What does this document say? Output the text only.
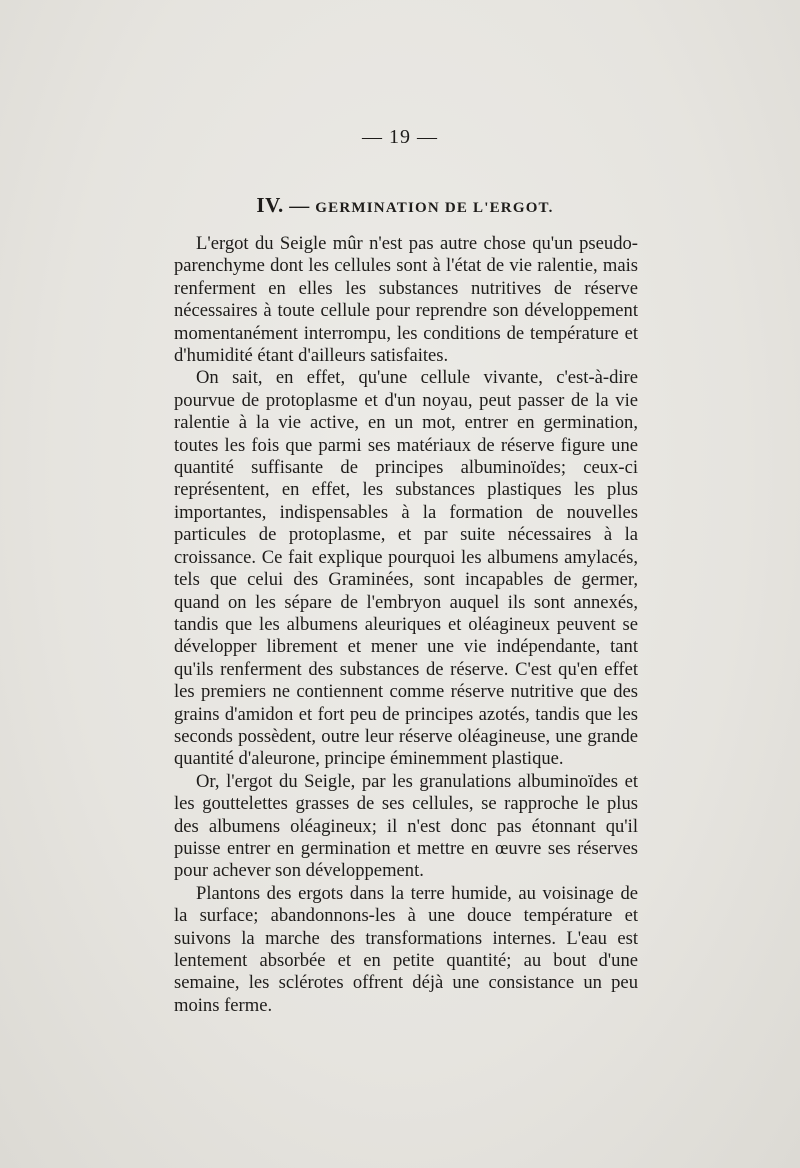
— 19 —
IV. — GERMINATION DE L'ERGOT.

L'ergot du Seigle mûr n'est pas autre chose qu'un pseudo-parenchyme dont les cellules sont à l'état de vie ralentie, mais renferment en elles les substances nutritives de réserve nécessaires à toute cellule pour reprendre son développement momentanément interrompu, les conditions de température et d'humidité étant d'ailleurs satisfaites.

On sait, en effet, qu'une cellule vivante, c'est-à-dire pourvue de protoplasme et d'un noyau, peut passer de la vie ralentie à la vie active, en un mot, entrer en germination, toutes les fois que parmi ses matériaux de réserve figure une quantité suffisante de principes albuminoïdes; ceux-ci représentent, en effet, les substances plastiques les plus importantes, indispensables à la formation de nouvelles particules de protoplasme, et par suite nécessaires à la croissance. Ce fait explique pourquoi les albumens amylacés, tels que celui des Graminées, sont incapables de germer, quand on les sépare de l'embryon auquel ils sont annexés, tandis que les albumens aleuriques et oléagineux peuvent se développer librement et mener une vie indépendante, tant qu'ils renferment des substances de réserve. C'est qu'en effet les premiers ne contiennent comme réserve nutritive que des grains d'amidon et fort peu de principes azotés, tandis que les seconds possèdent, outre leur réserve oléagineuse, une grande quantité d'aleurone, principe éminemment plastique.

Or, l'ergot du Seigle, par les granulations albuminoïdes et les gouttelettes grasses de ses cellules, se rapproche le plus des albumens oléagineux; il n'est donc pas étonnant qu'il puisse entrer en germination et mettre en œuvre ses réserves pour achever son développement.

Plantons des ergots dans la terre humide, au voisinage de la surface; abandonnons-les à une douce température et suivons la marche des transformations internes. L'eau est lentement absorbée et en petite quantité; au bout d'une semaine, les sclérotes offrent déjà une consistance un peu moins ferme.
